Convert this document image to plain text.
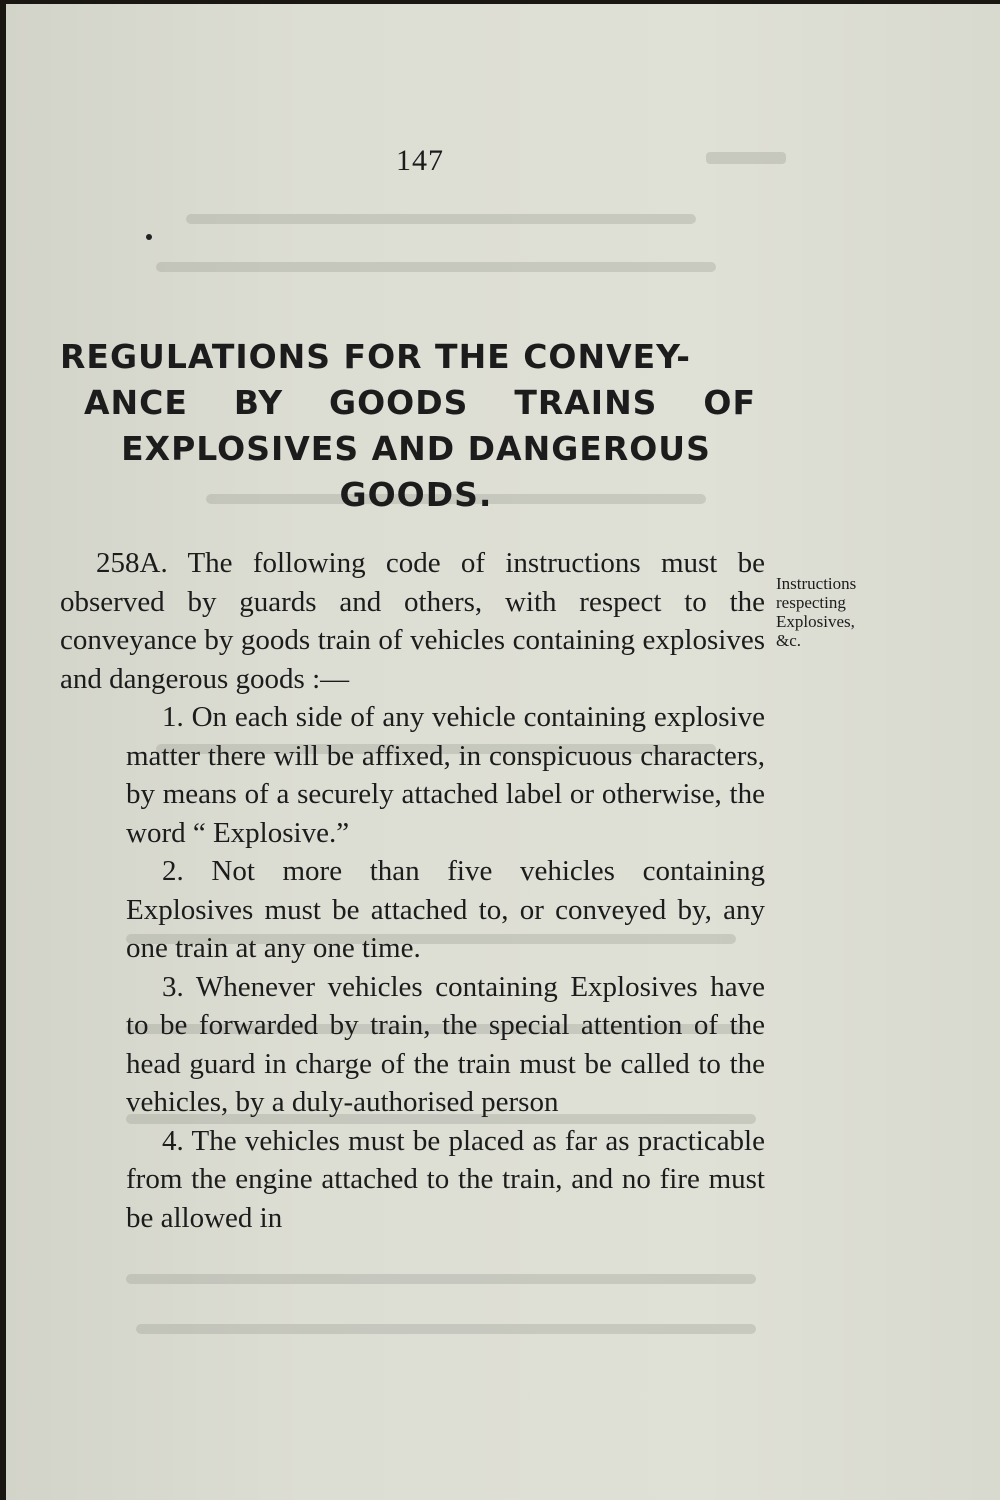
147
REGULATIONS FOR THE CONVEY-
ANCE BY GOODS TRAINS OF
EXPLOSIVES AND DANGEROUS
GOODS.

258A. The following code of instructions must be observed by guards and others, with respect to the conveyance by goods train of vehicles containing explosives and dangerous goods :—

1. On each side of any vehicle containing explosive matter there will be affixed, in conspicuous characters, by means of a securely attached label or otherwise, the word “ Explosive.”

2. Not more than five vehicles containing Explosives must be attached to, or conveyed by, any one train at any one time.

3. Whenever vehicles containing Explosives have to be forwarded by train, the special attention of the head guard in charge of the train must be called to the vehicles, by a duly-authorised person

4. The vehicles must be placed as far as practicable from the engine attached to the train, and no fire must be allowed in

Instructions
respecting
Explosives,
&c.
